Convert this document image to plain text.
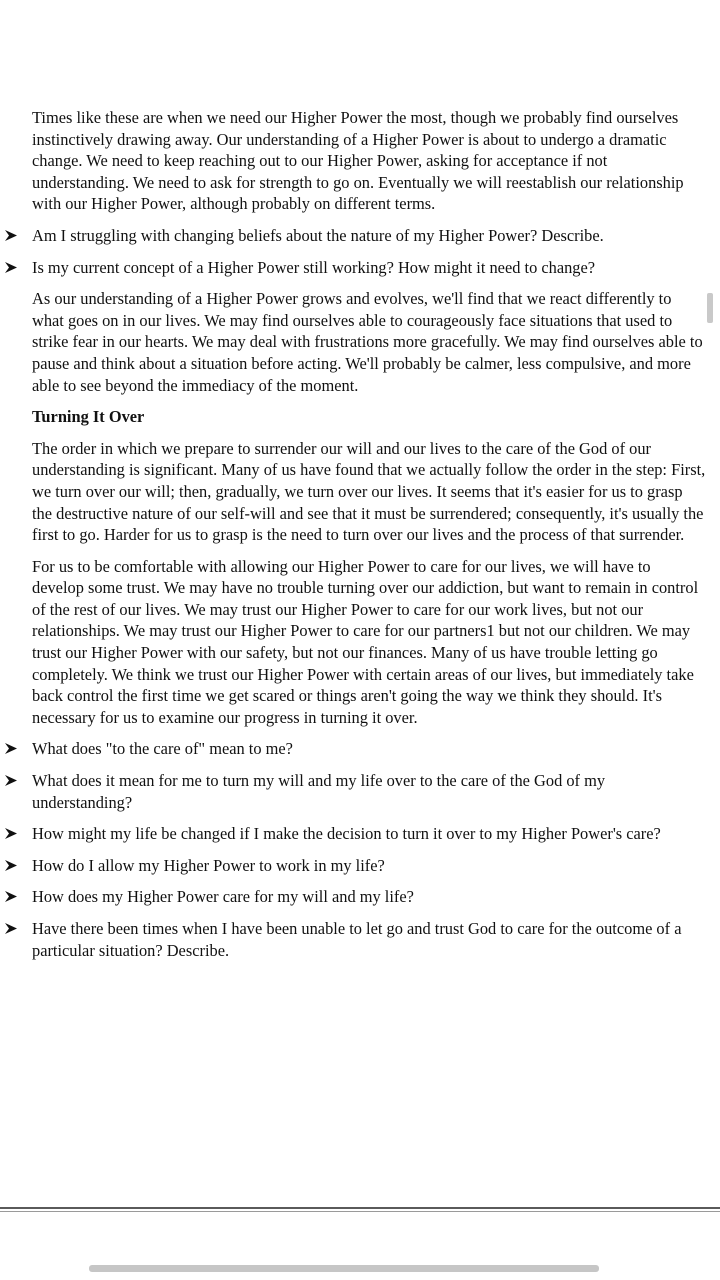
Times like these are when we need our Higher Power the most, though we probably find ourselves instinctively drawing away. Our understanding of a Higher Power is about to undergo a dramatic change. We need to keep reaching out to our Higher Power, asking for acceptance if not understanding. We need to ask for strength to go on. Eventually we will reestablish our relationship with our Higher Power, although probably on different terms.

Am I struggling with changing beliefs about the nature of my Higher Power? Describe.
Is my current concept of a Higher Power still working? How might it need to change?

As our understanding of a Higher Power grows and evolves, we'll find that we react differently to what goes on in our lives. We may find ourselves able to courageously face situations that used to strike fear in our hearts. We may deal with frustrations more gracefully. We may find ourselves able to pause and think about a situation before acting. We'll probably be calmer, less compulsive, and more able to see beyond the immediacy of the moment.

Turning It Over

The order in which we prepare to surrender our will and our lives to the care of the God of our understanding is significant. Many of us have found that we actually follow the order in the step: First, we turn over our will; then, gradually, we turn over our lives. It seems that it's easier for us to grasp the destructive nature of our self-will and see that it must be surrendered; consequently, it's usually the first to go. Harder for us to grasp is the need to turn over our lives and the process of that surrender.

For us to be comfortable with allowing our Higher Power to care for our lives, we will have to develop some trust. We may have no trouble turning over our addiction, but want to remain in control of the rest of our lives. We may trust our Higher Power to care for our work lives, but not our relationships. We may trust our Higher Power to care for our partners1 but not our children. We may trust our Higher Power with our safety, but not our finances. Many of us have trouble letting go completely. We think we trust our Higher Power with certain areas of our lives, but immediately take back control the first time we get scared or things aren't going the way we think they should. It's necessary for us to examine our progress in turning it over.

What does "to the care of" mean to me?
What does it mean for me to turn my will and my life over to the care of the God of my understanding?
How might my life be changed if I make the decision to turn it over to my Higher Power's care?
How do I allow my Higher Power to work in my life?
How does my Higher Power care for my will and my life?
Have there been times when I have been unable to let go and trust God to care for the outcome of a particular situation? Describe.
